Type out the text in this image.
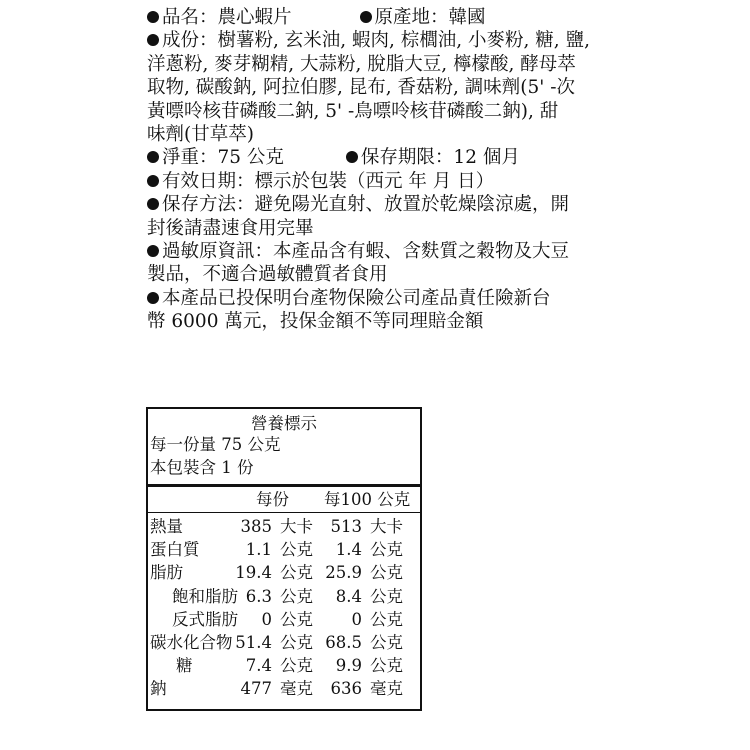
品名：農心蝦片	原產地：韓國

成份：樹薯粉, 玄米油, 蝦肉, 棕櫚油, 小麥粉, 糖, 鹽,

洋蔥粉, 麥芽糊精, 大蒜粉, 脫脂大豆, 檸檬酸, 酵母萃

取物, 碳酸鈉, 阿拉伯膠, 昆布, 香菇粉, 調味劑(5' -次

黃嘌呤核苷磷酸二鈉, 5' -鳥嘌呤核苷磷酸二鈉), 甜

味劑(甘草萃)

淨重：75 公克	保存期限：12 個月

有效日期：標示於包裝（西元 年 月 日）

保存方法：避免陽光直射、放置於乾燥陰涼處，開

封後請盡速食用完畢

過敏原資訊：本產品含有蝦、含麩質之穀物及大豆

製品，不適合過敏體質者食用

本產品已投保明台產物保險公司產品責任險新台

幣 6000 萬元，投保金額不等同理賠金額

營養標示
每一份量 75 公克
本包裝含 1 份
每份 每100 公克
熱量	385 大卡 513 大卡
蛋白質	1.1 公克 1.4 公克
脂肪	19.4 公克 25.9 公克
飽和脂肪 6.3 公克 8.4 公克
反式脂肪 0 公克 0 公克
碳水化合物 51.4 公克 68.5 公克
糖	7.4 公克 9.9 公克
鈉	477 毫克 636 毫克
